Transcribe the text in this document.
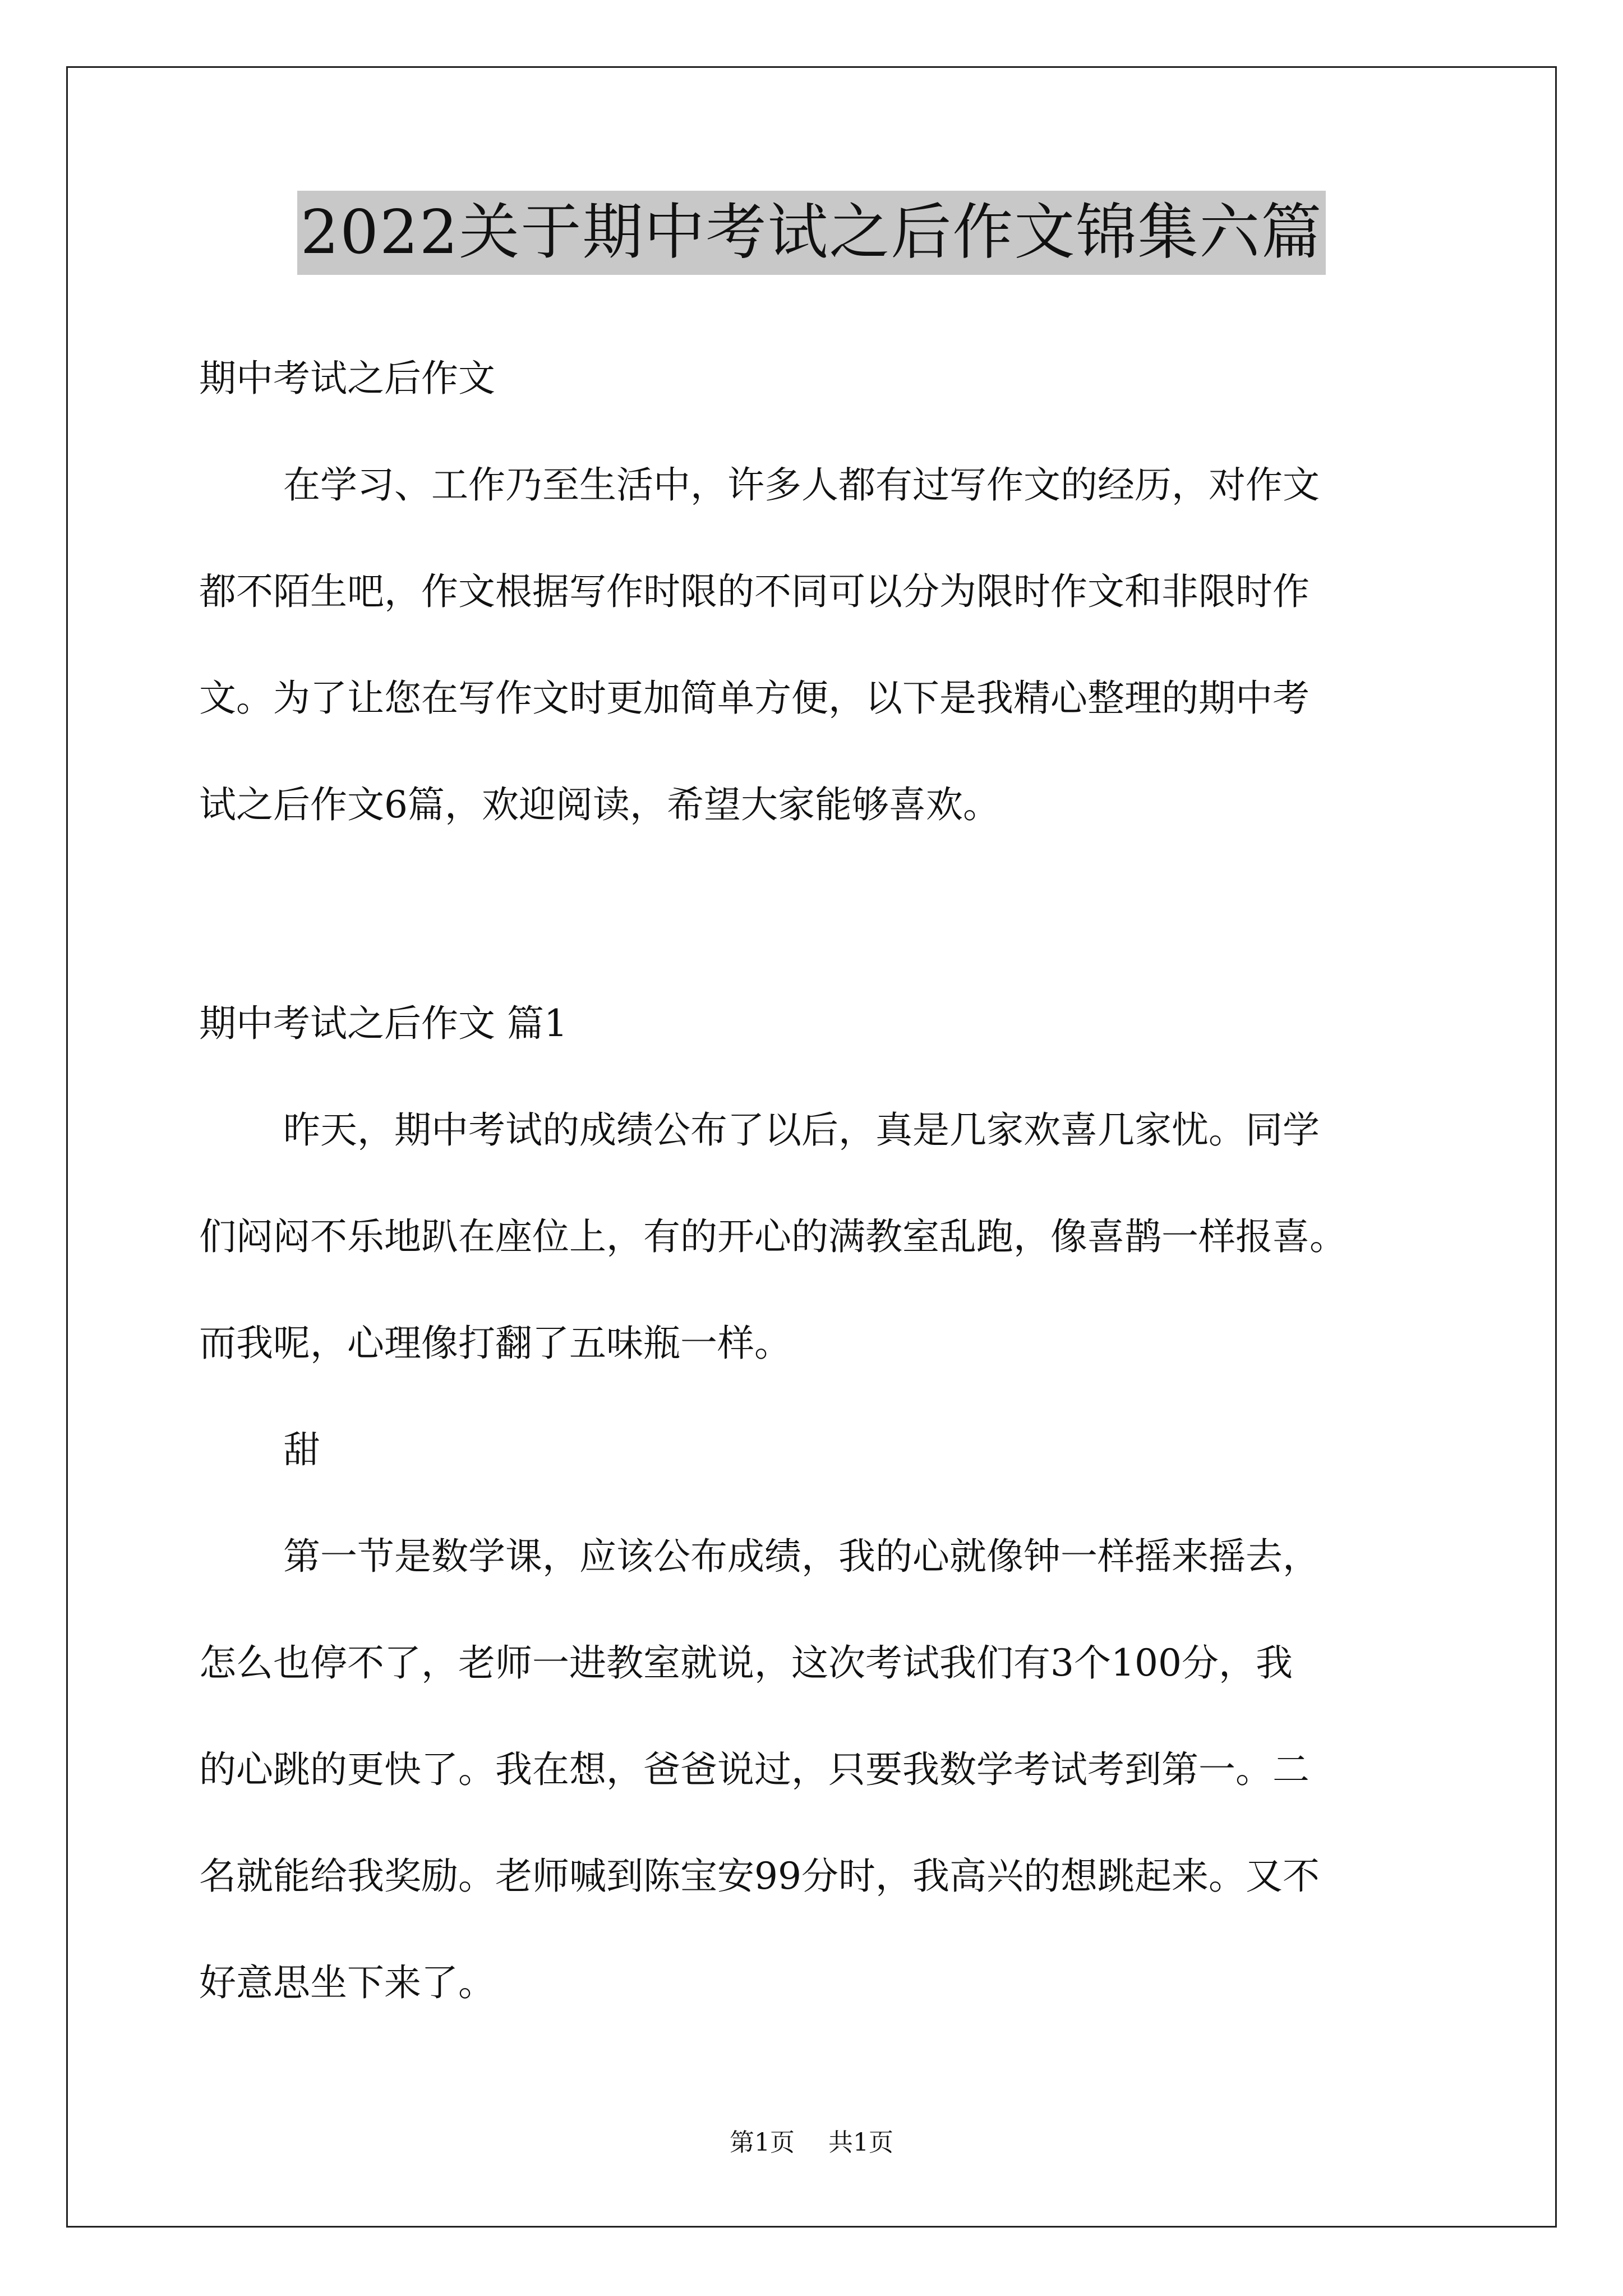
2022关于期中考试之后作文锦集六篇
期中考试之后作文
在学习、工作乃至生活中，许多人都有过写作文的经历，对作文
都不陌生吧，作文根据写作时限的不同可以分为限时作文和非限时作
文。为了让您在写作文时更加简单方便，以下是我精心整理的期中考
试之后作文6篇，欢迎阅读，希望大家能够喜欢。
期中考试之后作文 篇1
昨天，期中考试的成绩公布了以后，真是几家欢喜几家忧。同学
们闷闷不乐地趴在座位上，有的开心的满教室乱跑，像喜鹊一样报喜。
而我呢，心理像打翻了五味瓶一样。
甜
第一节是数学课，应该公布成绩，我的心就像钟一样摇来摇去，
怎么也停不了，老师一进教室就说，这次考试我们有3个100分，我
的心跳的更快了。我在想，爸爸说过，只要我数学考试考到第一。二
名就能给我奖励。老师喊到陈宝安99分时，我高兴的想跳起来。又不
好意思坐下来了。
第1页 共1页
